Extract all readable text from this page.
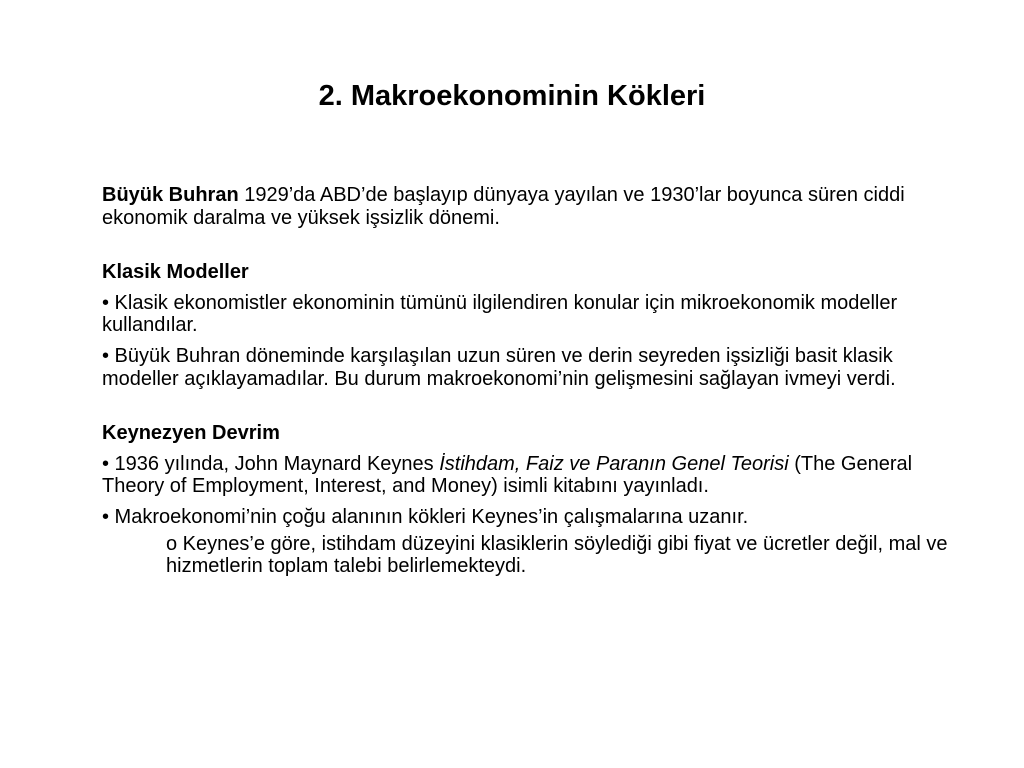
2. Makroekonominin Kökleri

Büyük Buhran 1929’da ABD’de başlayıp dünyaya yayılan ve 1930’lar boyunca süren ciddi ekonomik daralma ve yüksek işsizlik dönemi.

Klasik Modeller

• Klasik ekonomistler ekonominin tümünü ilgilendiren konular için mikroekonomik modeller kullandılar.

• Büyük Buhran döneminde karşılaşılan uzun süren ve derin seyreden işsizliği basit klasik modeller açıklayamadılar. Bu durum makroekonomi’nin gelişmesini sağlayan ivmeyi verdi.

Keynezyen Devrim

• 1936 yılında, John Maynard Keynes İstihdam, Faiz ve Paranın Genel Teorisi (The General Theory of Employment, Interest, and Money) isimli kitabını yayınladı.

• Makroekonomi’nin çoğu alanının kökleri Keynes’in çalışmalarına uzanır.

o Keynes’e göre, istihdam düzeyini klasiklerin söylediği gibi fiyat ve ücretler değil, mal ve hizmetlerin toplam talebi belirlemekteydi.
